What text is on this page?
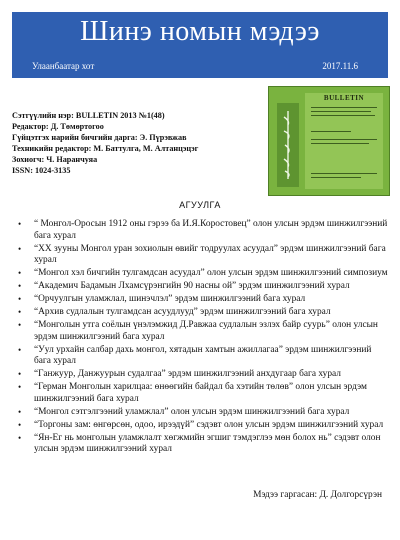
Шинэ номын мэдээ
Улаанбаатар хот	2017.11.6
Сэтгүүлийн нэр: BULLETIN 2013 №1(48)
Редактор: Д. Төмөртогоо
Гүйцэтгэх нарийн бичгийн дарга: Э. Пүрэвжав
Техникийн редактор: М. Баттулга, М. Алтанцэцэг
Зохиогч: Ч. Наранчуяа
ISSN: 1024-3135
BULLETIN
АГУУЛГА
• “ Монгол-Оросын 1912 оны гэрээ ба И.Я.Коростовец” олон улсын эрдэм шинжилгээний бага хурал
• “XX зууны Монгол уран зохиолын өвийг тодруулах асуудал” эрдэм шинжилгээний бага хурал
• “Монгол хэл бичгийн тулгамдсан асуудал” олон улсын эрдэм шинжилгээний симпозиум
• “Академич Бадамын Лхамсүрэнгийн 90 насны ой” эрдэм шинжилгээний хурал
• “Орчуулгын уламжлал, шинэчлэл” эрдэм шинжилгээний бага хурал
• “Архив судлалын тулгамдсан асуудлууд” эрдэм шинжилгээний бага хурал
• “Монголын утга соёлын үнэлэмжид Д.Равжаа судлалын эзлэх байр суурь” олон улсын эрдэм шинжилгээний бага хурал
• “Уул урхайн салбар дахь монгол, хятадын хамтын ажиллагаа” эрдэм шинжилгээний бага хурал
• “Ганжуур, Данжуурын судалгаа” эрдэм шинжилгээний анхдугаар бага хурал
• “Герман Монголын харилцаа: өнөөгийн байдал ба хэтийн төлөв” олон улсын эрдэм шинжилгээний бага хурал
• “Монгол сэтгэлгээний уламжлал” олон улсын эрдэм шинжилгээний бага хурал
• “Торгоны зам: өнгөрсөн, одоо, ирээдүй” сэдэвт олон улсын эрдэм шинжилгээний хурал
• “Ян-Ег нь монголын уламжлалт хөгжмийн эгшиг тэмдэглээ мөн болох нь” сэдэвт олон улсын эрдэм шинжилгээний хурал
Мэдээ гаргасан: Д. Долгорсүрэн
